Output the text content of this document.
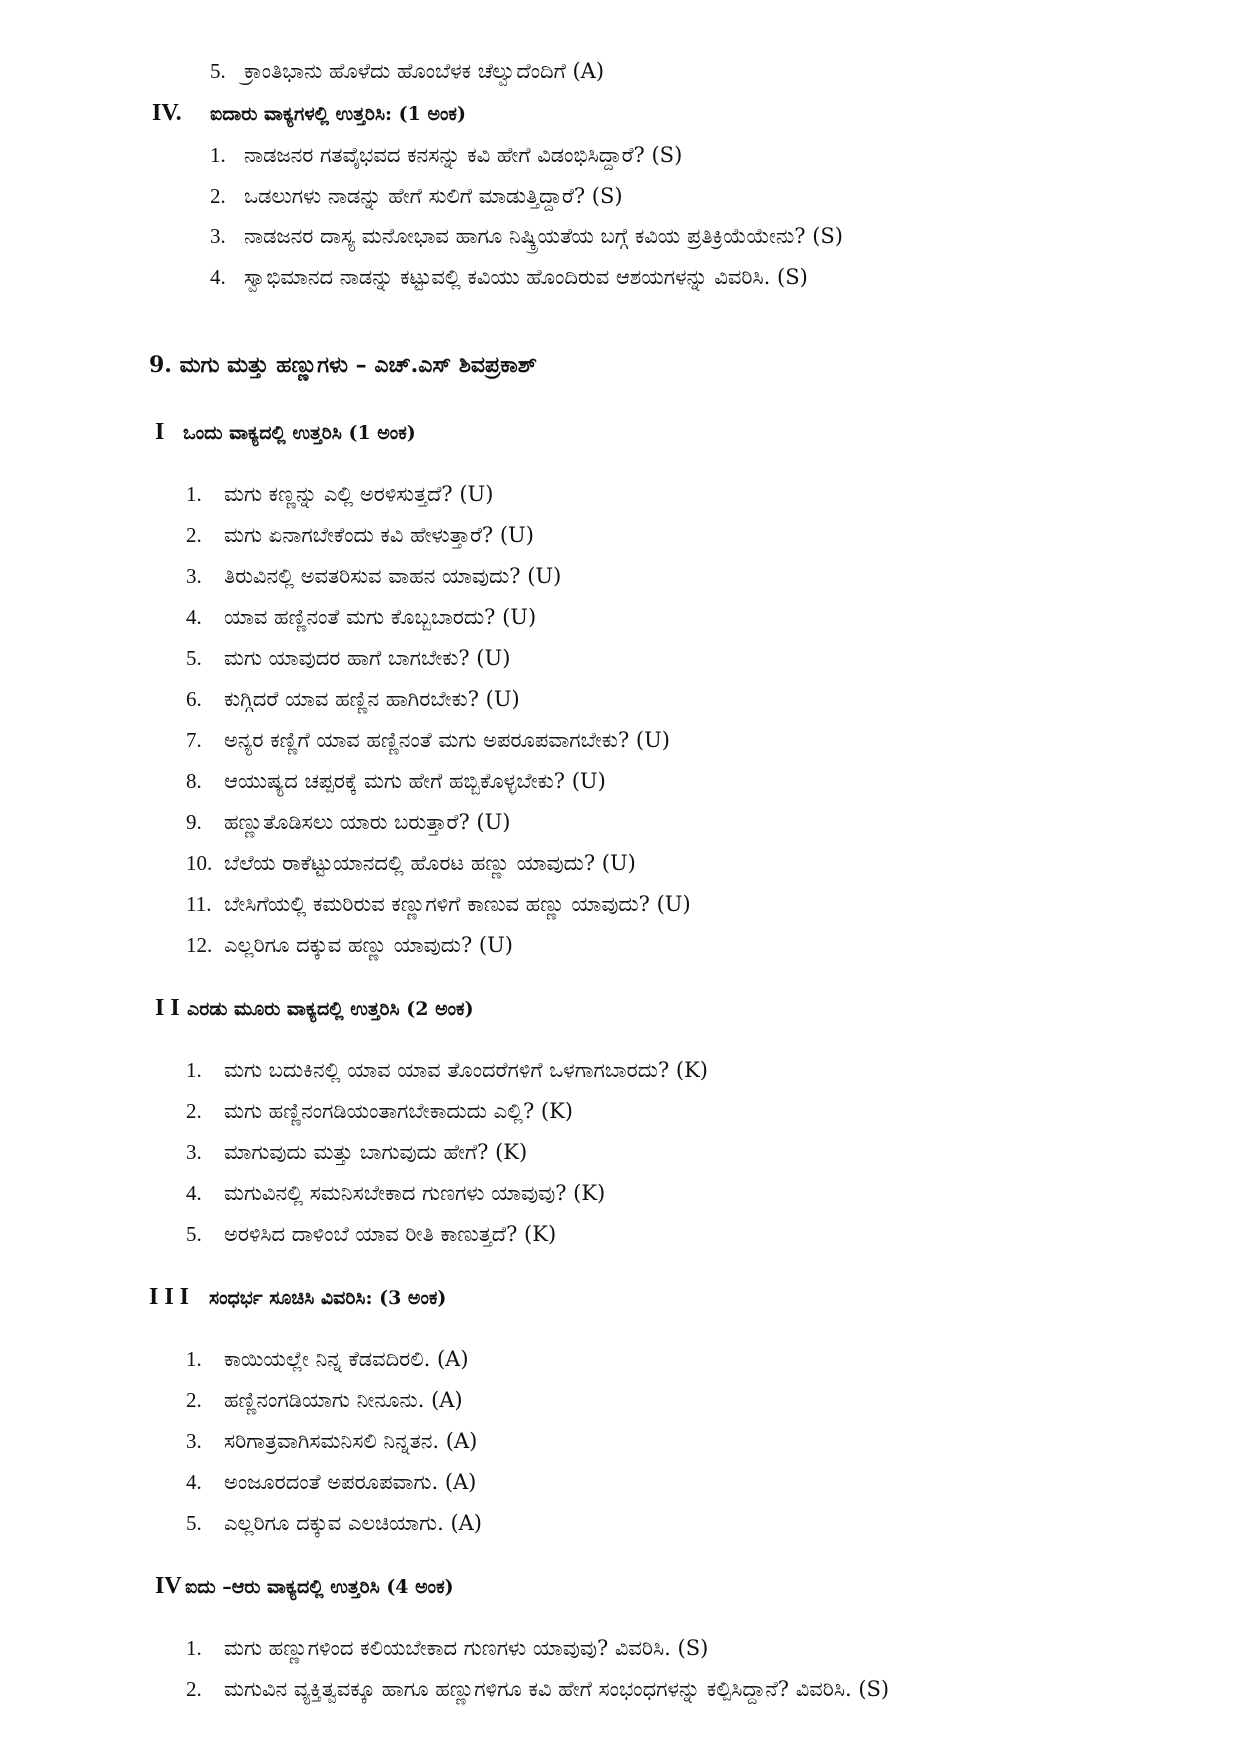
5. ಕ್ರಾಂತಿಭಾನು ಹೊಳೆದು ಹೊಂಬೆಳಕ ಚೆಲ್ವುದೆಂದಿಗೆ (A)
IV. ಐದಾರು ವಾಕ್ಯಗಳಲ್ಲಿ ಉತ್ತರಿಸಿ: (1 ಅಂಕ)
1. ನಾಡಜನರ ಗತವೈಭವದ ಕನಸನ್ನು ಕವಿ ಹೇಗೆ ವಿಡಂಭಿಸಿದ್ದಾರೆ? (S)
2. ಒಡಲುಗಳು ನಾಡನ್ನು ಹೇಗೆ ಸುಲಿಗೆ ಮಾಡುತ್ತಿದ್ದಾರೆ? (S)
3. ನಾಡಜನರ ದಾಸ್ಯ ಮನೋಭಾವ ಹಾಗೂ ನಿಷ್ಕ್ರಿಯತೆಯ ಬಗ್ಗೆ ಕವಿಯ ಪ್ರತಿಕ್ರಿಯೆಯೇನು? (S)
4. ಸ್ವಾಭಿಮಾನದ ನಾಡನ್ನು ಕಟ್ಟುವಲ್ಲಿ ಕವಿಯು ಹೊಂದಿರುವ ಆಶಯಗಳನ್ನು ವಿವರಿಸಿ. (S)
9. ಮಗು ಮತ್ತು ಹಣ್ಣುಗಳು – ಎಚ್.ಎಸ್ ಶಿವಪ್ರಕಾಶ್
I ಒಂದು ವಾಕ್ಯದಲ್ಲಿ ಉತ್ತರಿಸಿ (1 ಅಂಕ)
1. ಮಗು ಕಣ್ಣನ್ನು ಎಲ್ಲಿ ಅರಳಿಸುತ್ತದೆ? (U)
2. ಮಗು ಏನಾಗಬೇಕೆಂದು ಕವಿ ಹೇಳುತ್ತಾರೆ? (U)
3. ತಿರುವಿನಲ್ಲಿ ಅವತರಿಸುವ ವಾಹನ ಯಾವುದು? (U)
4. ಯಾವ ಹಣ್ಣಿನಂತೆ ಮಗು ಕೊಬ್ಬಬಾರದು? (U)
5. ಮಗು ಯಾವುದರ ಹಾಗೆ ಬಾಗಬೇಕು? (U)
6. ಕುಗ್ಗಿದರೆ ಯಾವ ಹಣ್ಣಿನ ಹಾಗಿರಬೇಕು? (U)
7. ಅನ್ಯರ ಕಣ್ಣಿಗೆ ಯಾವ ಹಣ್ಣಿನಂತೆ ಮಗು ಅಪರೂಪವಾಗಬೇಕು? (U)
8. ಆಯುಷ್ಯದ ಚಪ್ಪರಕ್ಕೆ ಮಗು ಹೇಗೆ ಹಬ್ಬಿಕೊಳ್ಳಬೇಕು? (U)
9. ಹಣ್ಣುತೊಡಿಸಲು ಯಾರು ಬರುತ್ತಾರೆ? (U)
10. ಬೆಲೆಯ ರಾಕೆಟ್ಟುಯಾನದಲ್ಲಿ ಹೊರಟ ಹಣ್ಣು ಯಾವುದು? (U)
11. ಬೇಸಿಗೆಯಲ್ಲಿ ಕಮರಿರುವ ಕಣ್ಣುಗಳಿಗೆ ಕಾಣುವ ಹಣ್ಣು ಯಾವುದು? (U)
12. ಎಲ್ಲರಿಗೂ ದಕ್ಕುವ ಹಣ್ಣು ಯಾವುದು? (U)
I I ಎರಡು ಮೂರು ವಾಕ್ಯದಲ್ಲಿ ಉತ್ತರಿಸಿ (2 ಅಂಕ)
1. ಮಗು ಬದುಕಿನಲ್ಲಿ ಯಾವ ಯಾವ ತೊಂದರೆಗಳಿಗೆ ಒಳಗಾಗಬಾರದು? (K)
2. ಮಗು ಹಣ್ಣಿನಂಗಡಿಯಂತಾಗಬೇಕಾದುದು ಎಲ್ಲಿ? (K)
3. ಮಾಗುವುದು ಮತ್ತು ಬಾಗುವುದು ಹೇಗೆ? (K)
4. ಮಗುವಿನಲ್ಲಿ ಸಮನಿಸಬೇಕಾದ ಗುಣಗಳು ಯಾವುವು? (K)
5. ಅರಳಿಸಿದ ದಾಳಿಂಬೆ ಯಾವ ರೀತಿ ಕಾಣುತ್ತದೆ? (K)
I I I ಸಂಧರ್ಭ ಸೂಚಿಸಿ ವಿವರಿಸಿ: (3 ಅಂಕ)
1. ಕಾಯಿಯಲ್ಲೇ ನಿನ್ನ ಕೆಡವದಿರಲಿ. (A)
2. ಹಣ್ಣಿನಂಗಡಿಯಾಗು ನೀನೂನು. (A)
3. ಸರಿಗಾತ್ರವಾಗಿಸಮನಿಸಲಿ ನಿನ್ನತನ. (A)
4. ಅಂಜೂರದಂತೆ ಅಪರೂಪವಾಗು. (A)
5. ಎಲ್ಲರಿಗೂ ದಕ್ಕುವ ಎಲಚಿಯಾಗು. (A)
IV ಐದು –ಆರು ವಾಕ್ಯದಲ್ಲಿ ಉತ್ತರಿಸಿ (4 ಅಂಕ)
1. ಮಗು ಹಣ್ಣುಗಳಿಂದ ಕಲಿಯಬೇಕಾದ ಗುಣಗಳು ಯಾವುವು? ವಿವರಿಸಿ. (S)
2. ಮಗುವಿನ ವ್ಯಕ್ತಿತ್ವವಕ್ಕೂ ಹಾಗೂ ಹಣ್ಣುಗಳಿಗೂ ಕವಿ ಹೇಗೆ ಸಂಭಂಧಗಳನ್ನು ಕಲ್ಪಿಸಿದ್ದಾನೆ? ವಿವರಿಸಿ. (S)
